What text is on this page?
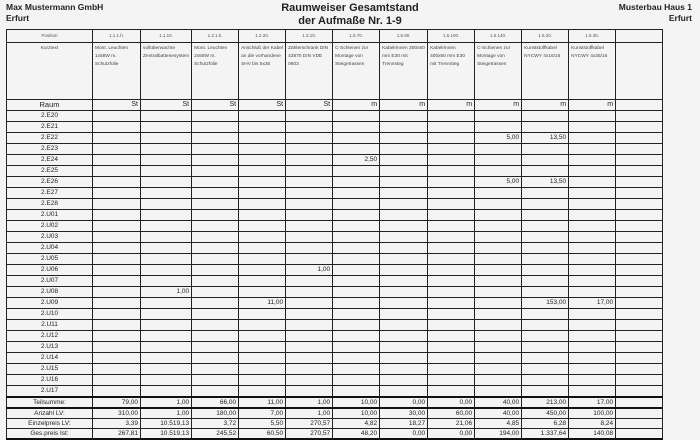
Max Mustermann GmbH
Erfurt
Raumweiser Gesamtstand
der Aufmaße Nr. 1-9
Musterbau Haus 1
Erfurt
Position	1.1.1.h.	1.1.10.	1.2.1.h.	1.2.20.	1.3.10.	1.5.70.	1.5.90.	1.5.100.	1.5.140.	1.6.20.	1.6.30.	
Kurztext	Mont. Leuchten 1x58W m. Schutzfolie	vollüberwachte Zentralbatteriesystem	Mont. Leuchten 2x58W m. Schutzfolie	Anschluß der Kabel an die vorhandene SHV bis 5x35	Zählerschrank DIN 43870 DIN VDE 0603	C-Schienen zur Montage von Steigetrassen	Kabelrinnen 300x60 mm E30 mit Trennsteg	Kabelrinnen 400x60 mm E30 mit Trennsteg	C-Schienen zur Montage von Steigetrassen	Kunststoffkabel NYCWY 4x16/16	Kunststoffkabel NYCWY 4x35/16	
Raum	St	St	St	St	St	m	m	m	m	m	m	
2.E20												
2.E21												
2.E22									5,00	13,50		
2.E23												
2.E24						2,50						
2.E25												
2.E26									5,00	13,50		
2.E27												
2.E28												
2.U01												
2.U02												
2.U03												
2.U04												
2.U05												
2.U06					1,00							
2.U07												
2.U08		1,00										
2.U09				11,00						153,00	17,00	
2.U10												
2.U11												
2.U12												
2.U13												
2.U14												
2.U15												
2.U16												
2.U17												
Teilsumme:	79,00	1,00	66,00	11,00	1,00	10,00	0,00	0,00	40,00	213,00	17,00	
Anzahl LV:	310,00	1,00	180,00	7,00	1,00	10,00	30,00	60,00	40,00	450,00	100,00	
Einzelpreis LV:	3,39	10.519,13	3,72	5,50	270,57	4,82	18,27	21,06	4,85	6,28	8,24	
Ges.preis Ist:	267,81	10.519,13	245,52	60,50	270,57	48,20	0,00	0,00	194,00	1.337,64	140,08	
